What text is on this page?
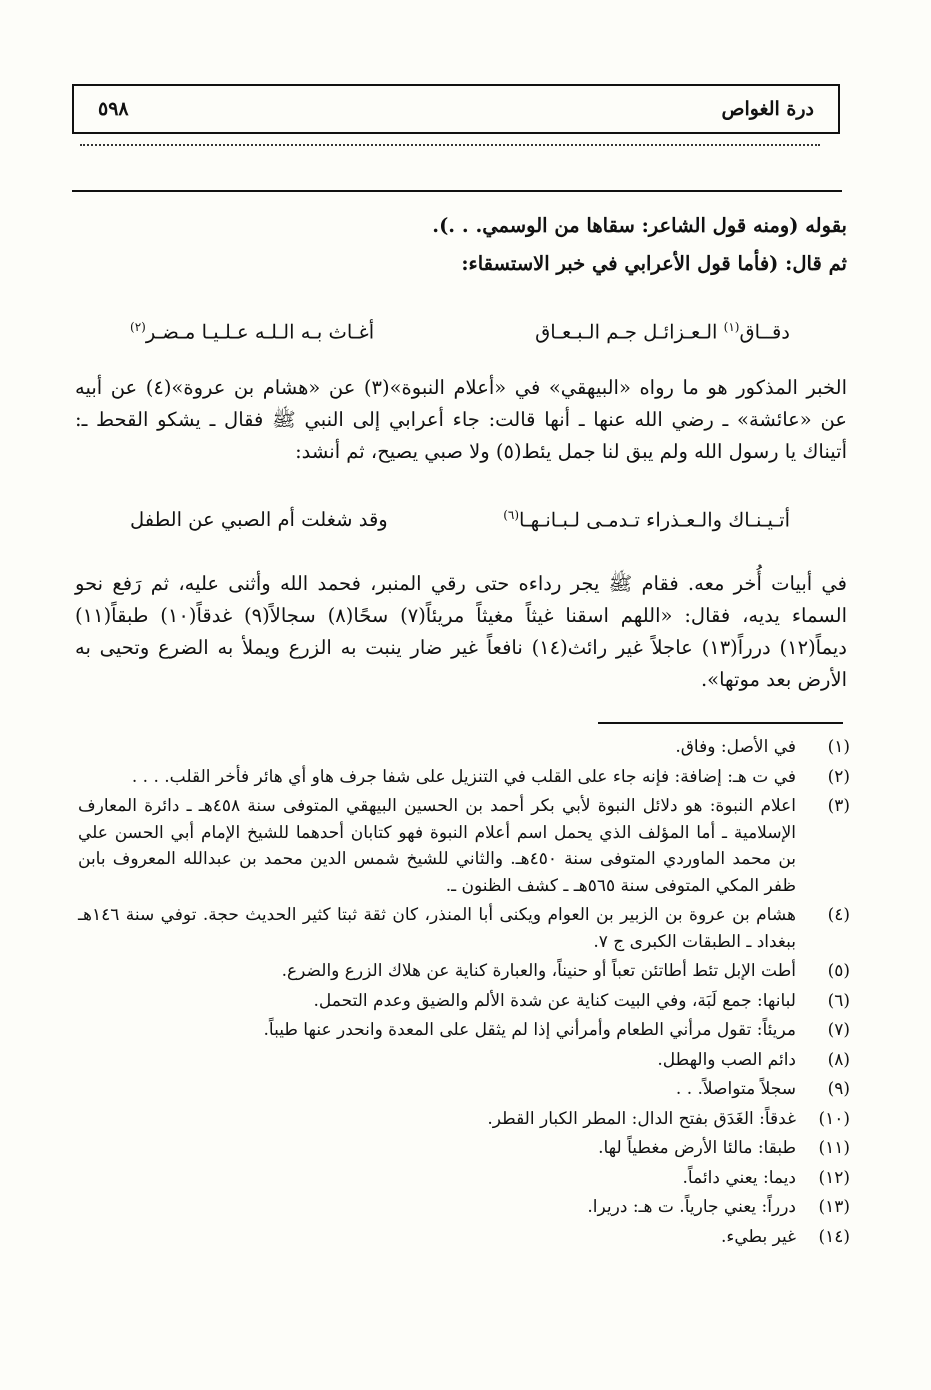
٥٩٨	درة الغواص

بقوله (ومنه قول الشاعر: سقاها من الوسمي. . .).

ثم قال: (فأما قول الأعرابي في خبر الاستسقاء:

دقــاق$^{(١)}$ الـعـزائـل جـم الـبـعـاق
أغـاث بـه الـلـه عـلـيـا مـضـر$^{(٢)}$

الخبر المذكور هو ما رواه «البيهقي» في «أعلام النبوة»(٣) عن «هشام بن عروة»(٤) عن أبيه عن «عائشة» ـ رضي الله عنها ـ أنها قالت: جاء أعرابي إلى النبي ﷺ فقال ـ يشكو القحط ـ: أتيناك يا رسول الله ولم يبق لنا جمل يئط(٥) ولا صبي يصيح، ثم أنشد:

أتـيـنـاك والـعـذراء تـدمـى لـبـانـهـا$^{(٦)}$
وقد شغلت أم الصبي عن الطفل

في أبيات أُخر معه. فقام ﷺ يجر رداءه حتى رقي المنبر، فحمد الله وأثنى عليه، ثم رَفع نحو السماء يديه، فقال: «اللهم اسقنا غيثاً مغيثاً مريئاً(٧) سحًا(٨) سجالاً(٩) غدقاً(١٠) طبقاً(١١) ديماً(١٢) درراً(١٣) عاجلاً غير رائث(١٤) نافعاً غير ضار ينبت به الزرع ويملأ به الضرع وتحيى به الأرض بعد موتها».

(١)
في الأصل: وفاق.
(٢)
في ت هـ: إضافة: فإنه جاء على القلب في التنزيل على شفا جرف هاو أي هائر فأخر القلب. . . .
(٣)
اعلام النبوة: هو دلائل النبوة لأبي بكر أحمد بن الحسين البيهقي المتوفى سنة ٤٥٨هـ ـ دائرة المعارف الإسلامية ـ أما المؤلف الذي يحمل اسم أعلام النبوة فهو كتابان أحدهما للشيخ الإمام أبي الحسن علي بن محمد الماوردي المتوفى سنة ٤٥٠هـ. والثاني للشيخ شمس الدين محمد بن عبدالله المعروف بابن ظفر المكي المتوفى سنة ٥٦٥هـ ـ كشف الظنون ـ.
(٤)
هشام بن عروة بن الزبير بن العوام ويكنى أبا المنذر، كان ثقة ثبتا كثير الحديث حجة. توفي سنة ١٤٦هـ ببغداد ـ الطبقات الكبرى ج ٧.
(٥)
أطت الإبل تئط أطاتئن تعباً أو حنيناً، والعبارة كناية عن هلاك الزرع والضرع.
(٦)
لبانها: جمع لَبَة، وفي البيت كناية عن شدة الألم والضيق وعدم التحمل.
(٧)
مريئاً: تقول مرأني الطعام وأمرأني إذا لم يثقل على المعدة وانحدر عنها طيباً.
(٨)
دائم الصب والهطل.
(٩)
سجلاً متواصلاً. . .
(١٠)
غدقاً: الغَدَق بفتح الدال: المطر الكبار القطر.
(١١)
طبقا: مالئا الأرض مغطياً لها.
(١٢)
ديما: يعني دائماً.
(١٣)
درراً: يعني جارياً. ت هـ: دريرا.
(١٤)
غير بطيء.
